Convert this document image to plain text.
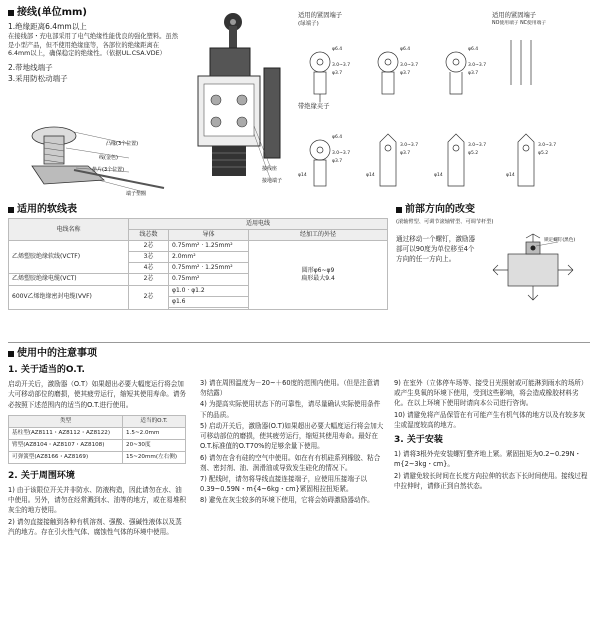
接线(单位mm)

1.绝缘距离6.4mm以上

在接线部・充电部采用了电气绝缘性能优良的强化塑料。虽然是小型产品，但不使用绝缘座等，各部位的绝缘距离在6.4mm以上，确保稳定的绝缘性。（依据UL.CSA.VDE）

2.带地线端子

3.采用防松动端子

凸缘(3个位置)
线(金色)
垫片(3个位置)
端子垫圈
接线座
接地端子
适用的紧固端子
(绿端子)
适用的紧固端子
NO使用端子 NC使用端子
带绝缘夹子
φ6.4
3.0~3.7
φ3.7
φ6.4
3.0~3.7
φ3.7
φ6.4
3.0~3.7
φ3.7
φ6.4
3.0~3.7
φ3.7
φ14
3.0~3.7
φ3.7
φ14
3.0~3.7
φ5.2
φ14
3.0~3.7
φ5.2
φ14
适用的软线表
电线名称	适用电线		
	线芯数	导体	经加工的外径
乙烯塑胶绝缘软线(VCTF)	2芯	0.75mm² · 1.25mm²	圆形φ6~φ9
扁形最大9.4

	3芯	2.0mm²	
	4芯	0.75mm² · 1.25mm²	
乙烯塑胶绝缘电缆(VCT)	2芯	0.75mm²	
600V乙烯绝缘密封电缆(VVF)	2芯	φ1.0 · φ1.2	
		φ1.6	

前部方向的改变
(滚轴臂型、可调节滚轴臂型、可调节杆型)
通过移动一个螺钉，激励器部可以90度为单位移至4个方向的任一方向上。
锁定螺钉(黑色)
使用中的注意事项
1. 关于适当的O.T.

启动开关后，激励器（O.T）如果超出必要大幅度运行将会加大可移动部位的磨损，使其疲劳运行，缩短其使用寿命。请务必按照下述范围内的适当的O.T.进行使用。

类型	适当的O.T.
基柱型(AZ8111・AZ8112・AZ8122)	1.5~2.0mm
臂型(AZ8104・AZ8107・AZ8108)	20~30度
可弹簧型(AZ8166・AZ8169)	15~20mm(左右侧)
2. 关于周围环境

1) 由于该限位开关并非防水、防液构造，因此请勿在水、油中使用。另外，请勿在经常溅到水、油等的地方，或在易堆积灰尘的地方使用。

2) 请勿直接接触到各种有机溶剂、强酸、强碱性液体以及蒸汽的地方。存在引火性气体、腐蚀性气体的环境中使用。

3) 请在周围温度为－20~＋60度的范围内使用。（但是注意请勿结露）

4) 为提高实际使用状态下的可靠性，请尽量确认实际使用条件下的品质。

5) 启动开关后，激励器(O.T)如果超出必要大幅度运行将会加大可移动部位的磨损，使其疲劳运行，缩短其使用寿命。最好在O.T.标准值的O.T70%的足够余量下使用。

6) 请勿在含有硅的空气中使用。如在有有机硅系列橡胶、粘合剂、密封剂、油、润滑油或导致发生硅化的情况下。

7) 配线时，请勿将导线直接连接端子，应使用压接端子以0.39~0.59N・m{4~6kg・cm}紧固相拉扭矩紧。

8) 避免在灰尘较多的环境下使用，它将会妨碍激励器动作。

9) 在室外（立体停车场等、接受日光照射或可能淋到雨水的场所）或产生臭氧的环境下使用，受到这些影响，将会造成橡胶材料劣化。在以上环境下使用时请向本公司进行咨询。

10) 请避免将产品保管在有可能产生有机气体的地方以及有较多灰尘或湿度较高的地方。

3. 关于安装

1) 请将3根外壳安装螺钉整齐地上紧。紧固扭矩为0.2~0.29N・m{2~3kg・cm}。

2) 请避免较长时间在长度方向拉伸的状态下长时间使用。接线过程中拉伸时，请修正到自然状态。
